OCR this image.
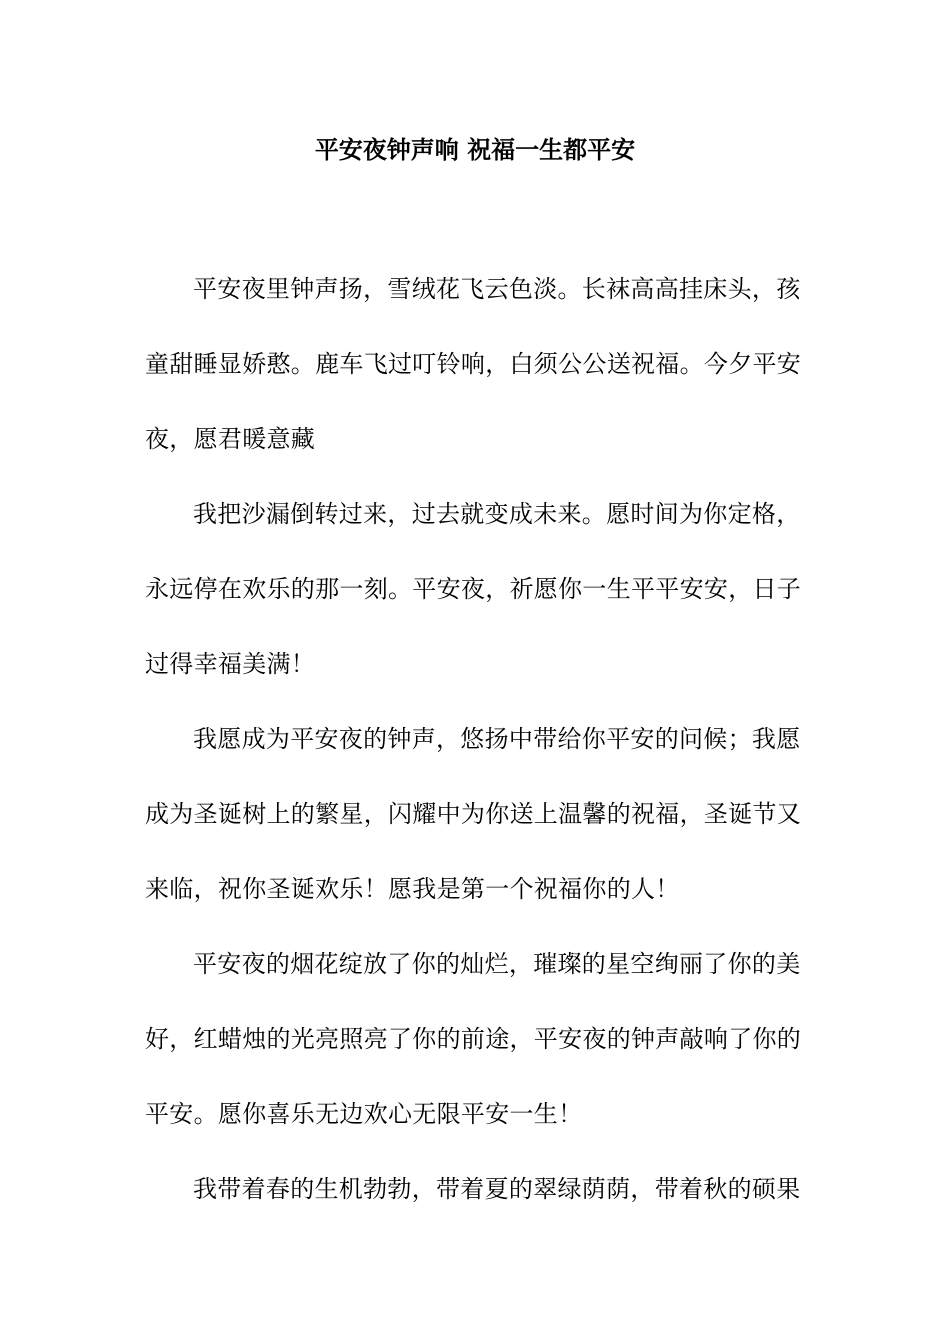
平安夜钟声响 祝福一生都平安
平安夜里钟声扬，雪绒花飞云色淡。长袜高高挂床头，孩
童甜睡显娇憨。鹿车飞过叮铃响，白须公公送祝福。今夕平安
夜，愿君暖意藏
我把沙漏倒转过来，过去就变成未来。愿时间为你定格，
永远停在欢乐的那一刻。平安夜，祈愿你一生平平安安，日子
过得幸福美满！
我愿成为平安夜的钟声，悠扬中带给你平安的问候；我愿
成为圣诞树上的繁星，闪耀中为你送上温馨的祝福，圣诞节又
来临，祝你圣诞欢乐！愿我是第一个祝福你的人！
平安夜的烟花绽放了你的灿烂，璀璨的星空绚丽了你的美
好，红蜡烛的光亮照亮了你的前途，平安夜的钟声敲响了你的
平安。愿你喜乐无边欢心无限平安一生！
我带着春的生机勃勃，带着夏的翠绿荫荫，带着秋的硕果
